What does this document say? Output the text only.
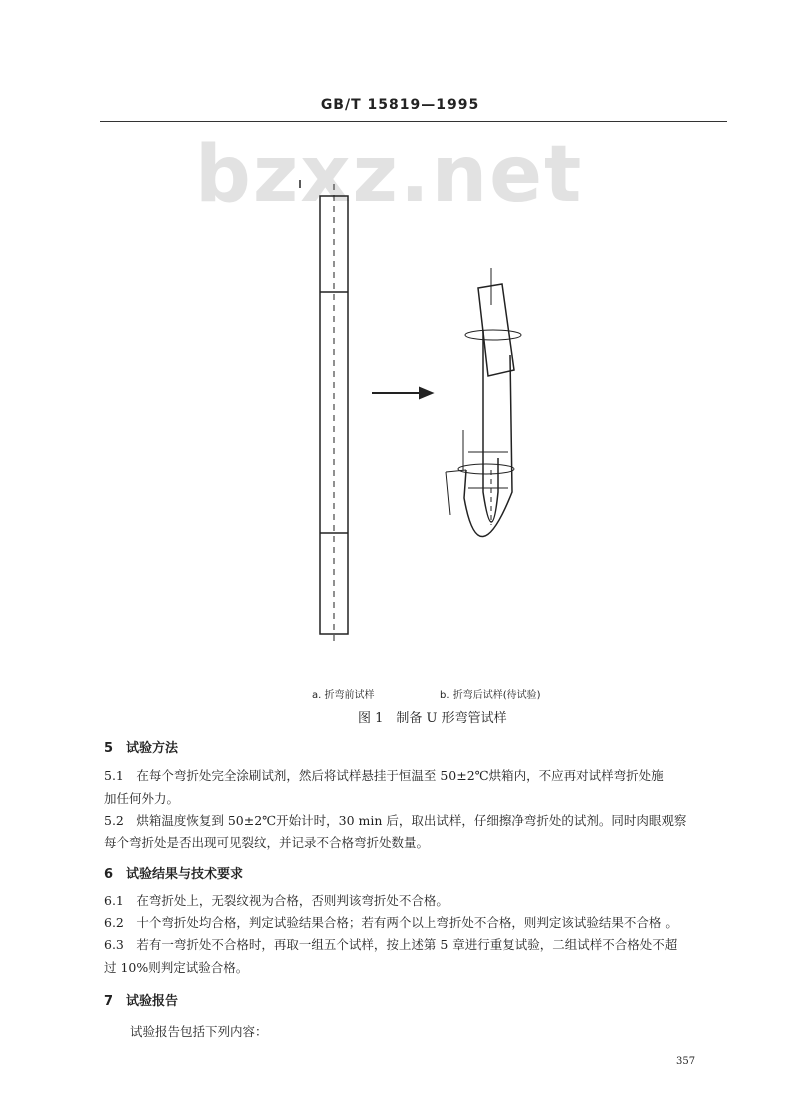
GB/T 15819—1995
bzxz.net
a. 折弯前试样	b. 折弯后试样(待试验)
图 1　制备 U 形弯管试样
5　试验方法
5.1　在每个弯折处完全涂刷试剂，然后将试样悬挂于恒温至 50±2℃烘箱内，不应再对试样弯折处施
加任何外力。
5.2　烘箱温度恢复到 50±2℃开始计时，30 min 后，取出试样，仔细擦净弯折处的试剂。同时肉眼观察
每个弯折处是否出现可见裂纹，并记录不合格弯折处数量。
6　试验结果与技术要求
6.1　在弯折处上，无裂纹视为合格，否则判该弯折处不合格。
6.2　十个弯折处均合格，判定试验结果合格；若有两个以上弯折处不合格，则判定该试验结果不合格 。
6.3　若有一弯折处不合格时，再取一组五个试样，按上述第 5 章进行重复试验，二组试样不合格处不超
过 10%则判定试验合格。
7　试验报告
试验报告包括下列内容：
357
